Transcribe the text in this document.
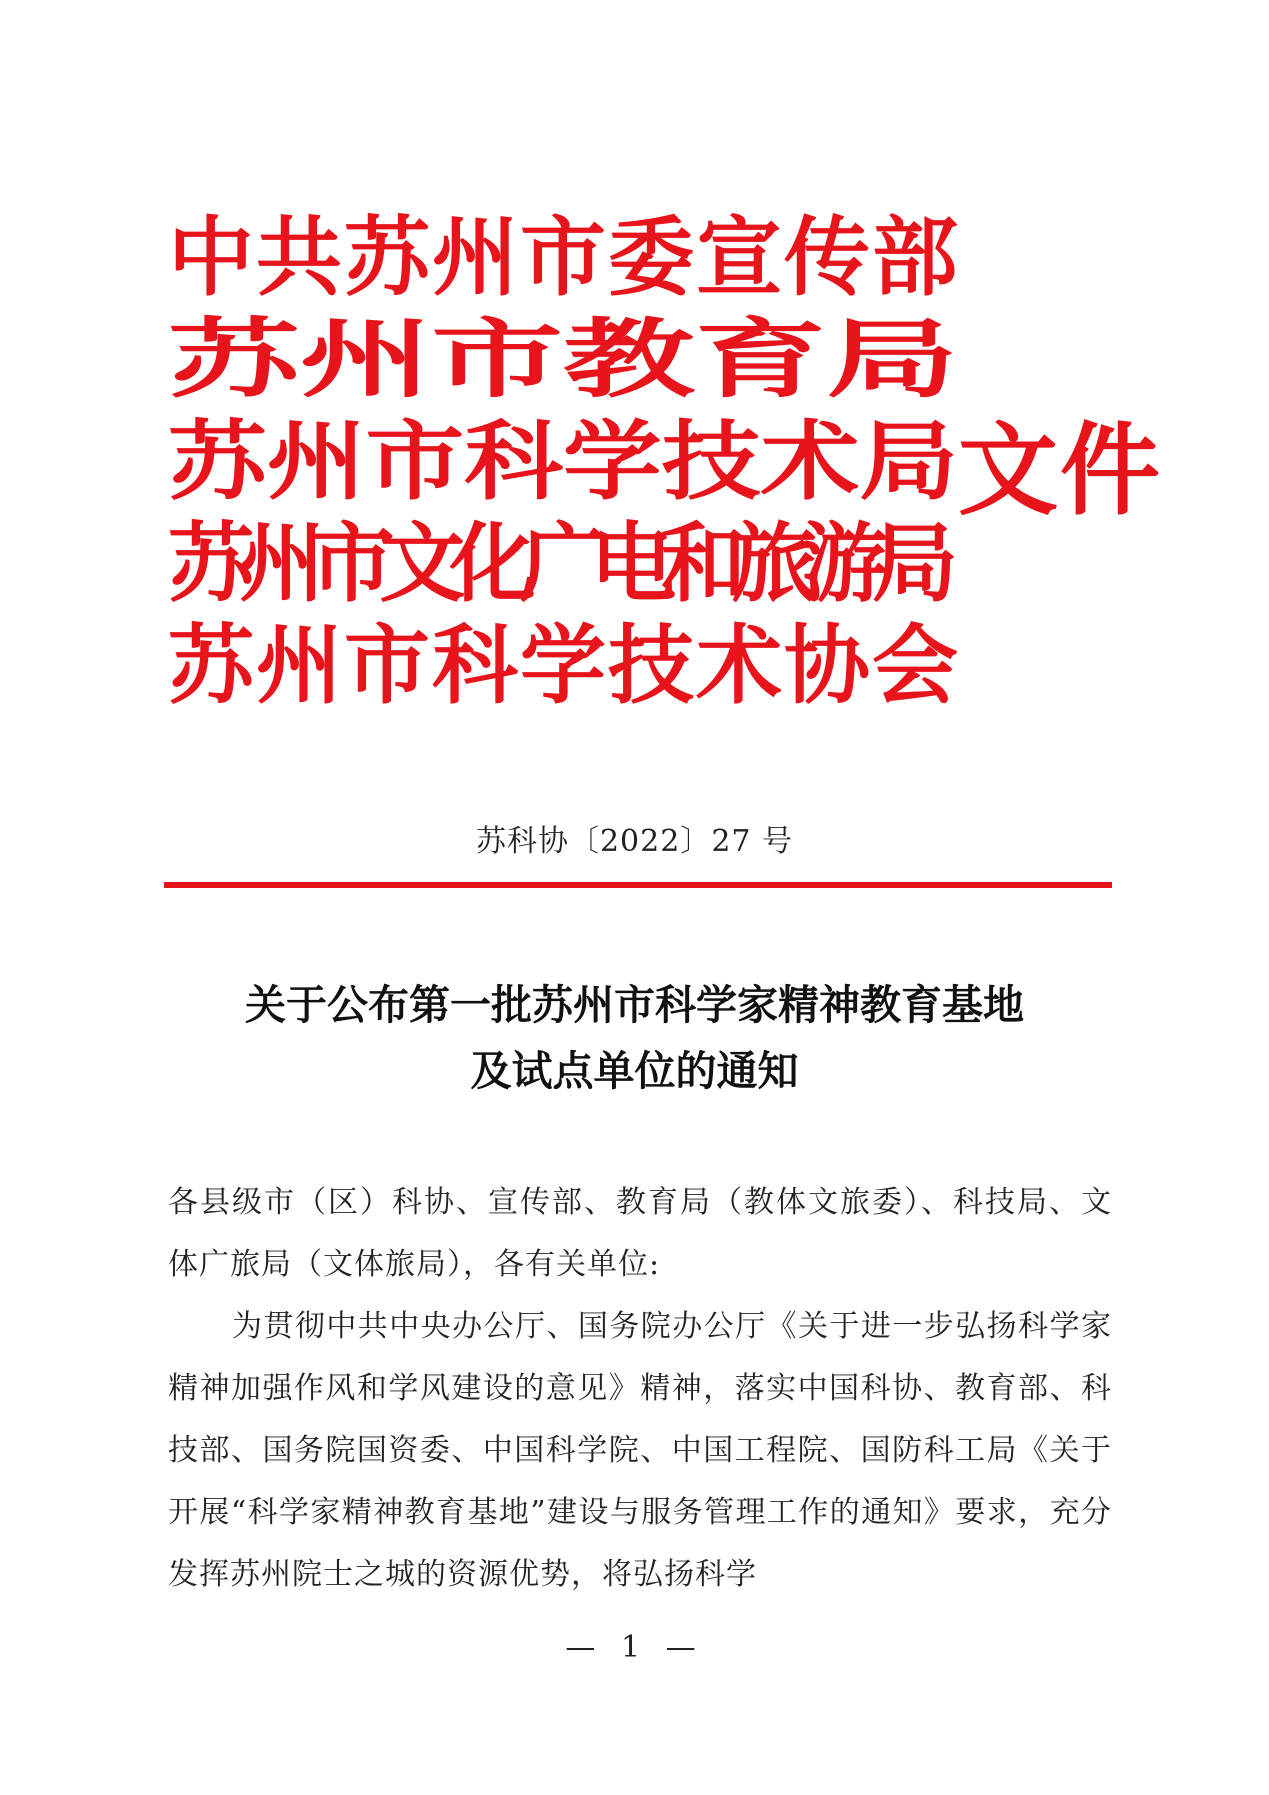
中共苏州市委宣传部
苏州市教育局
苏州市科学技术局
苏州市文化广电和旅游局
苏州市科学技术协会
文件
苏科协〔2022〕27 号
关于公布第一批苏州市科学家精神教育基地
及试点单位的通知

各县级市（区）科协、宣传部、教育局（教体文旅委）、科技局、文体广旅局（文体旅局），各有关单位:

为贯彻中共中央办公厅、国务院办公厅《关于进一步弘扬科学家精神加强作风和学风建设的意见》精神，落实中国科协、教育部、科技部、国务院国资委、中国科学院、中国工程院、国防科工局《关于开展“科学家精神教育基地”建设与服务管理工作的通知》要求，充分发挥苏州院士之城的资源优势，将弘扬科学

— 1 —
